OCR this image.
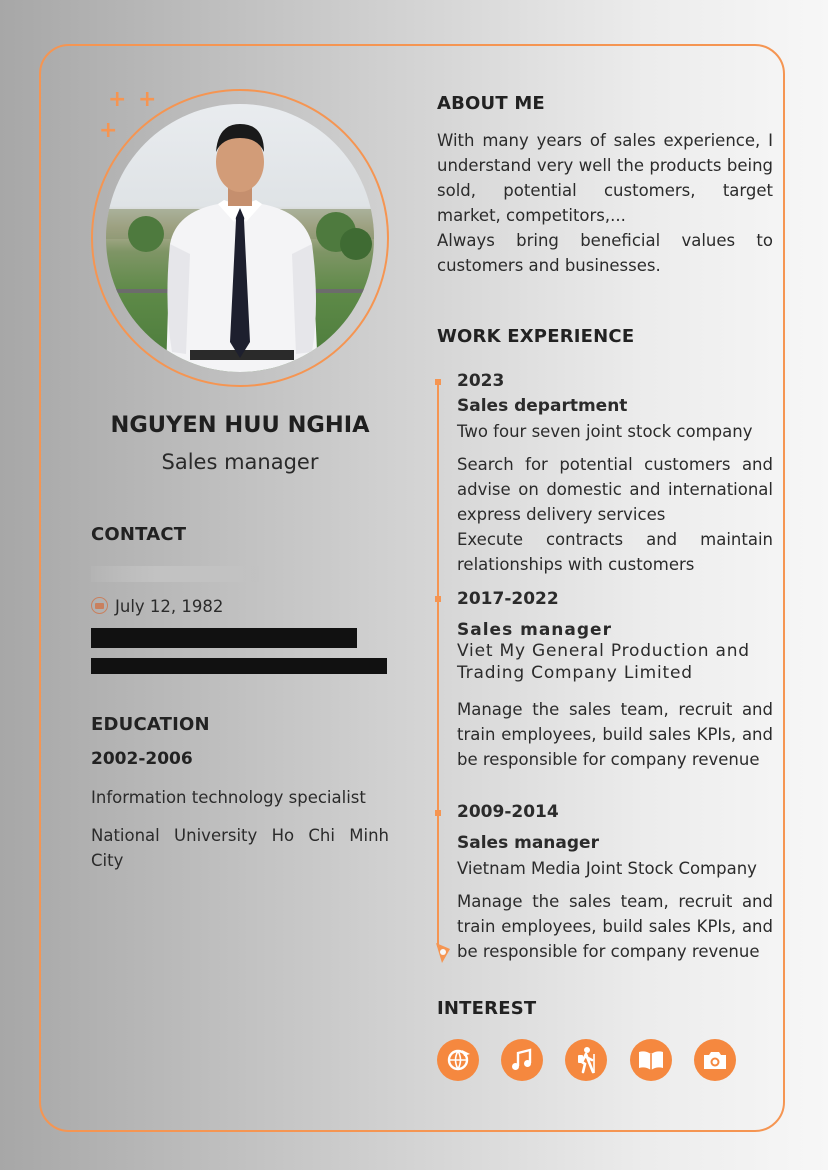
+ +
+
NGUYEN HUU NGHIA
Sales manager
CONTACT
July 12, 1982
EDUCATION
2002-2006
Information technology specialist
National University Ho Chi Minh City
ABOUT ME
With many years of sales experience, I understand very well the products being sold, potential customers, target market, competitors,...
Always bring beneficial values to customers and businesses.
WORK EXPERIENCE
2023
Sales department
Two four seven joint stock company
Search for potential customers and advise on domestic and international express delivery services
Execute contracts and maintain relationships with customers
2017-2022
Sales manager
Viet My General Production and Trading Company Limited
Manage the sales team, recruit and train employees, build sales KPIs, and be responsible for company revenue
2009-2014
Sales manager
Vietnam Media Joint Stock Company
Manage the sales team, recruit and train employees, build sales KPIs, and be responsible for company revenue
INTEREST
